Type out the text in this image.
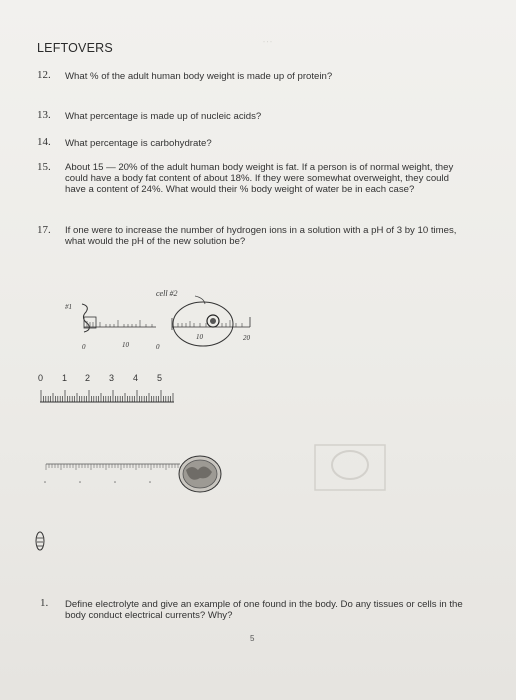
…
LEFTOVERS
12. What % of the adult human body weight is made up of protein?
13. What percentage is made up of nucleic acids?
14. What percentage is carbohydrate?
15. About 15 — 20% of the adult human body weight is fat. If a person is of normal weight, they could have a body fat content of about 18%. If they were somewhat overweight, they could have a content of 24%. What would their % body weight of water be in each case?
17. If one were to increase the number of hydrogen ions in a solution with a pH of 3 by 10 times, what would the pH of the new solution be?
cell #2
#1
0	10	0
10	20
0 1 2 3 4 5
1. Define electrolyte and give an example of one found in the body. Do any tissues or cells in the body conduct electrical currents? Why?
5
